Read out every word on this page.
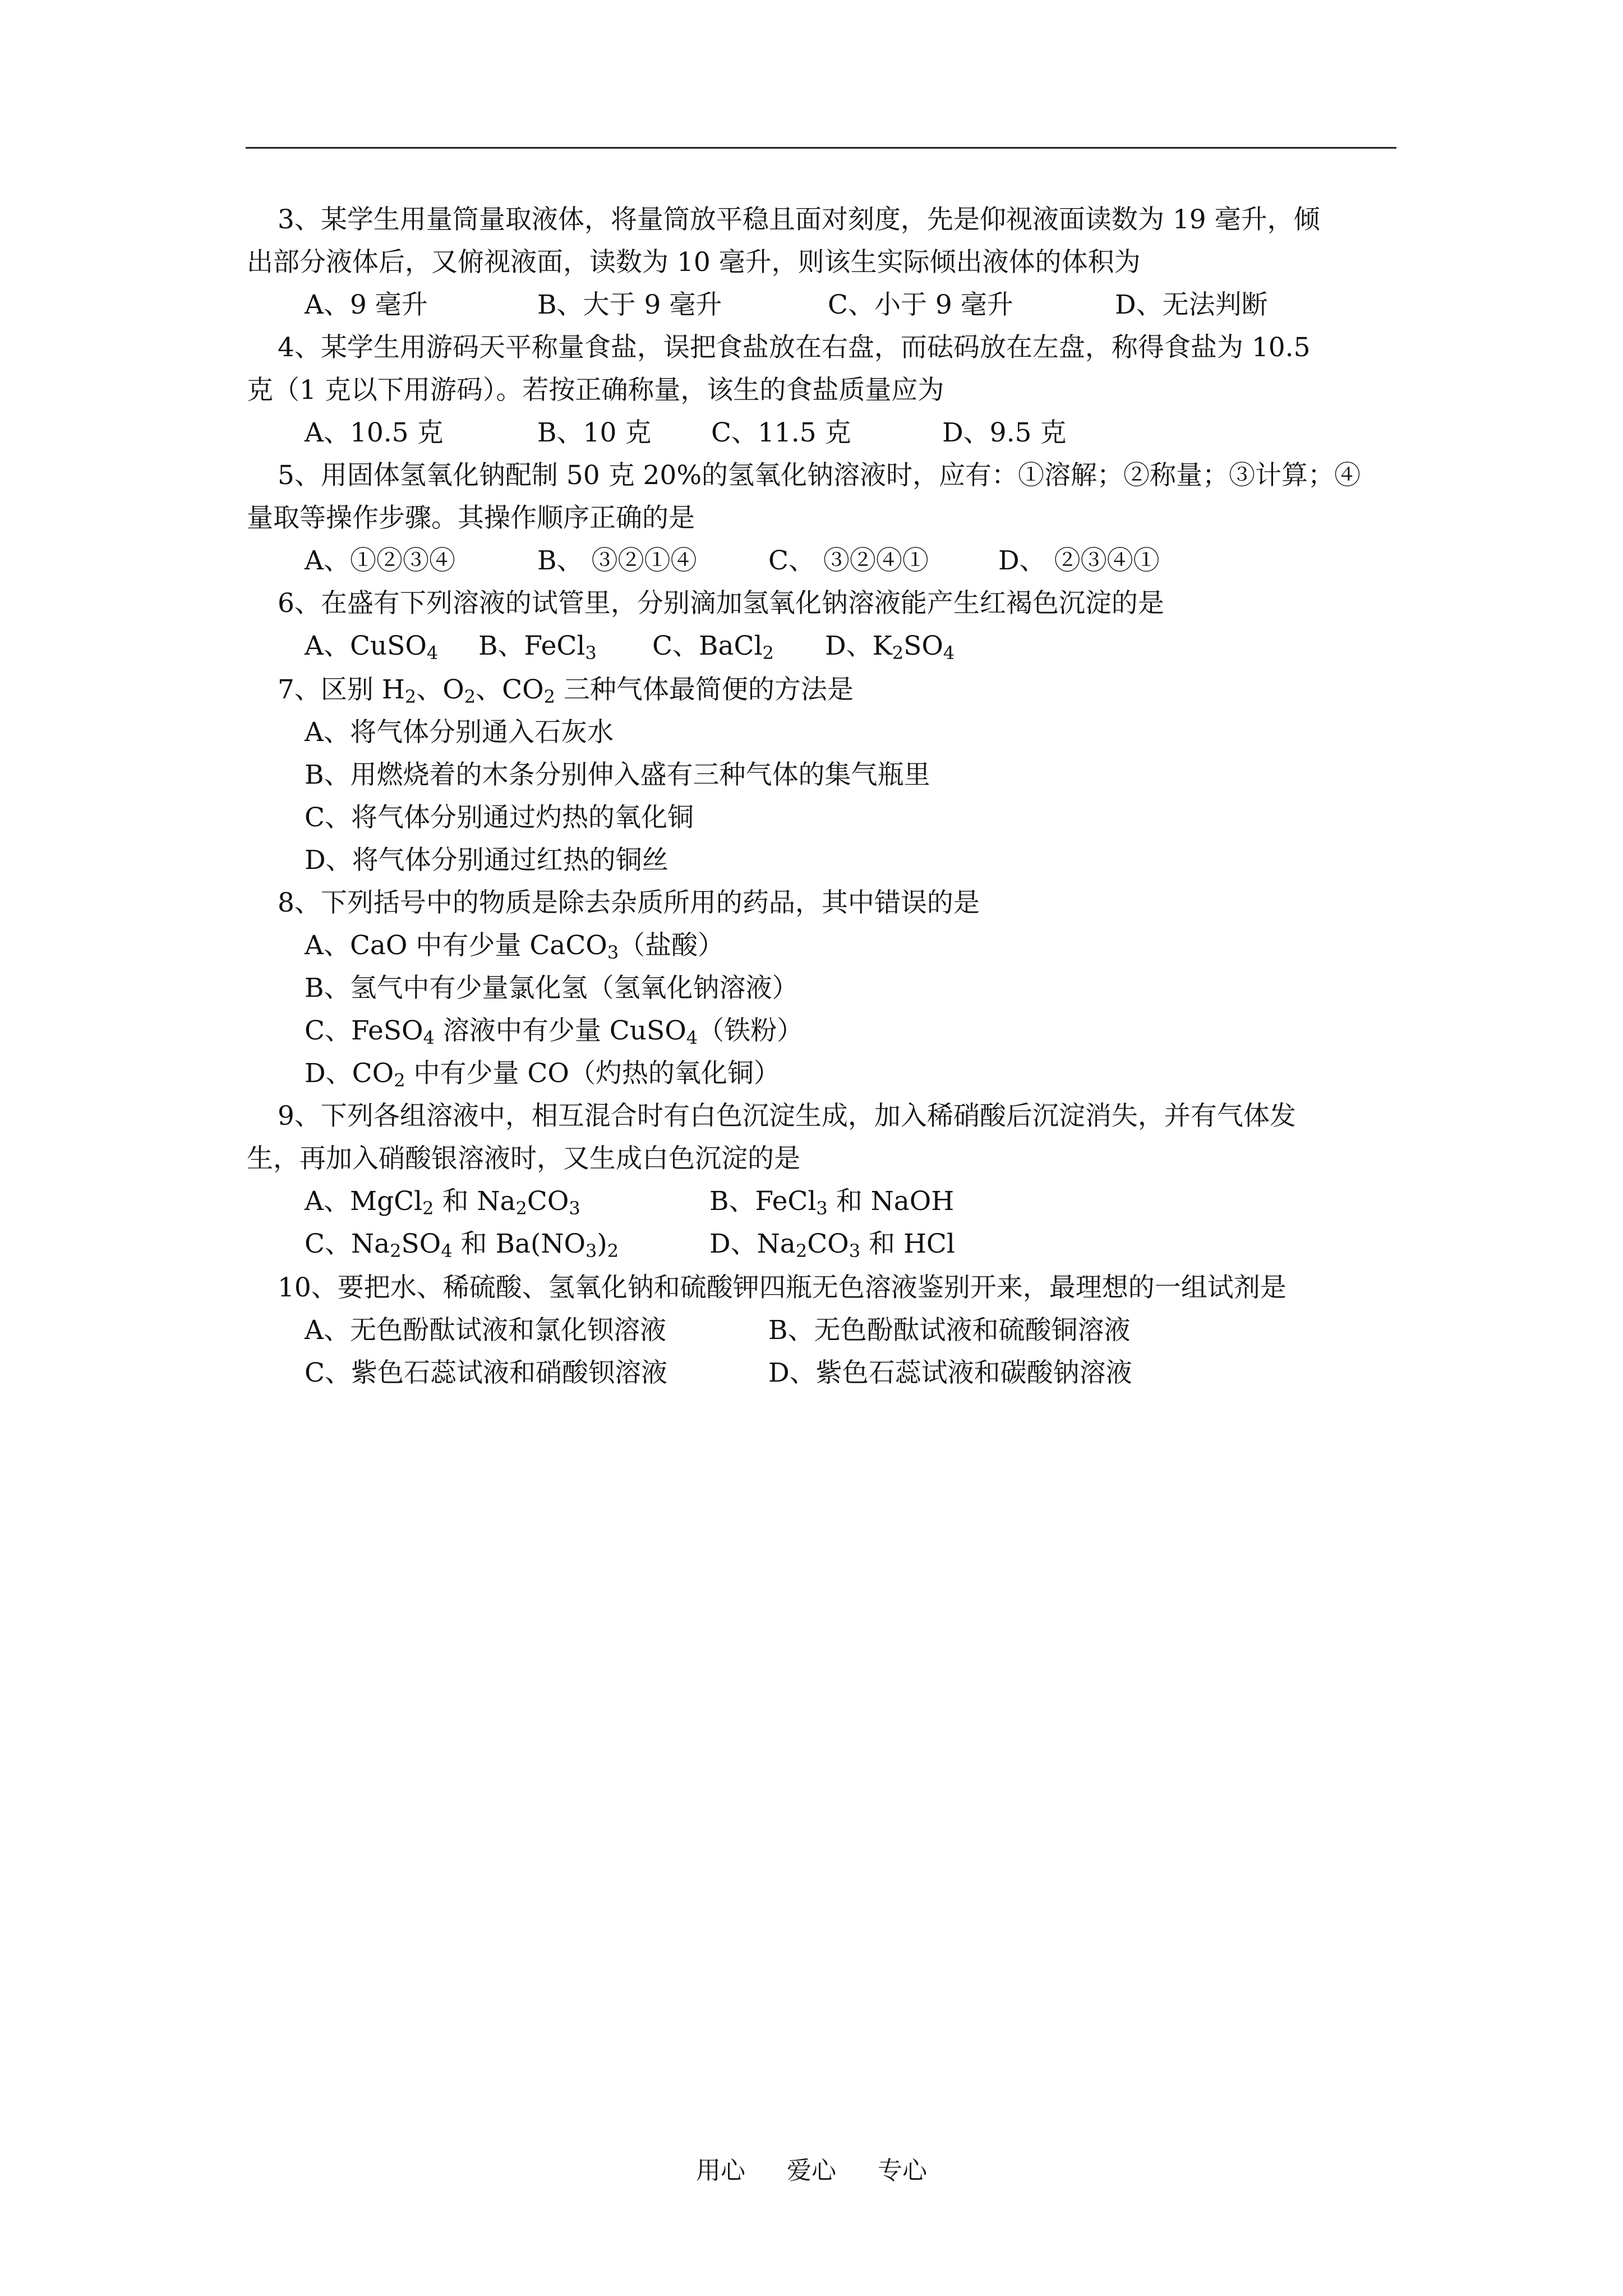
3、某学生用量筒量取液体，将量筒放平稳且面对刻度，先是仰视液面读数为 19 毫升，倾
出部分液体后，又俯视液面，读数为 10 毫升，则该生实际倾出液体的体积为
A、9 毫升	B、大于 9 毫升	C、小于 9 毫升	D、无法判断
4、某学生用游码天平称量食盐，误把食盐放在右盘，而砝码放在左盘，称得食盐为 10.5
克（1 克以下用游码）。若按正确称量，该生的食盐质量应为
A、10.5 克	B、10 克 C、11.5 克	D、9.5 克
5、用固体氢氧化钠配制 50 克 20%的氢氧化钠溶液时，应有：①溶解；②称量；③计算；④
量取等操作步骤。其操作顺序正确的是
A、①②③④	B、 ③②①④	C、 ③②④①	D、 ②③④①
6、在盛有下列溶液的试管里，分别滴加氢氧化钠溶液能产生红褐色沉淀的是
A、CuSO$_4$ B、FeCl$_3$ C、BaCl$_2$ D、$K_2SO_4$
7、区别 $H_2$、$O_2$、$CO_2$ 三种气体最简便的方法是
A、将气体分别通入石灰水
B、用燃烧着的木条分别伸入盛有三种气体的集气瓶里
C、将气体分别通过灼热的氧化铜
D、将气体分别通过红热的铜丝
8、下列括号中的物质是除去杂质所用的药品，其中错误的是
A、CaO 中有少量 CaCO$_3$（盐酸）
B、氢气中有少量氯化氢（氢氧化钠溶液）
C、FeSO$_4$ 溶液中有少量 CuSO$_4$（铁粉）
D、$CO_2$ 中有少量 CO（灼热的氧化铜）
9、下列各组溶液中，相互混合时有白色沉淀生成，加入稀硝酸后沉淀消失，并有气体发
生，再加入硝酸银溶液时，又生成白色沉淀的是
A、MgCl$_2$ 和 $Na_2CO_3$	B、FeCl$_3$ 和 NaOH
C、$Na_2SO_4$ 和 $Ba(NO_3)_2$	D、$Na_2CO_3$ 和 HCl
10、要把水、稀硫酸、氢氧化钠和硫酸钾四瓶无色溶液鉴别开来，最理想的一组试剂是
A、无色酚酞试液和氯化钡溶液	B、无色酚酞试液和硫酸铜溶液
C、紫色石蕊试液和硝酸钡溶液	D、紫色石蕊试液和碳酸钠溶液
用心 爱心 专心
